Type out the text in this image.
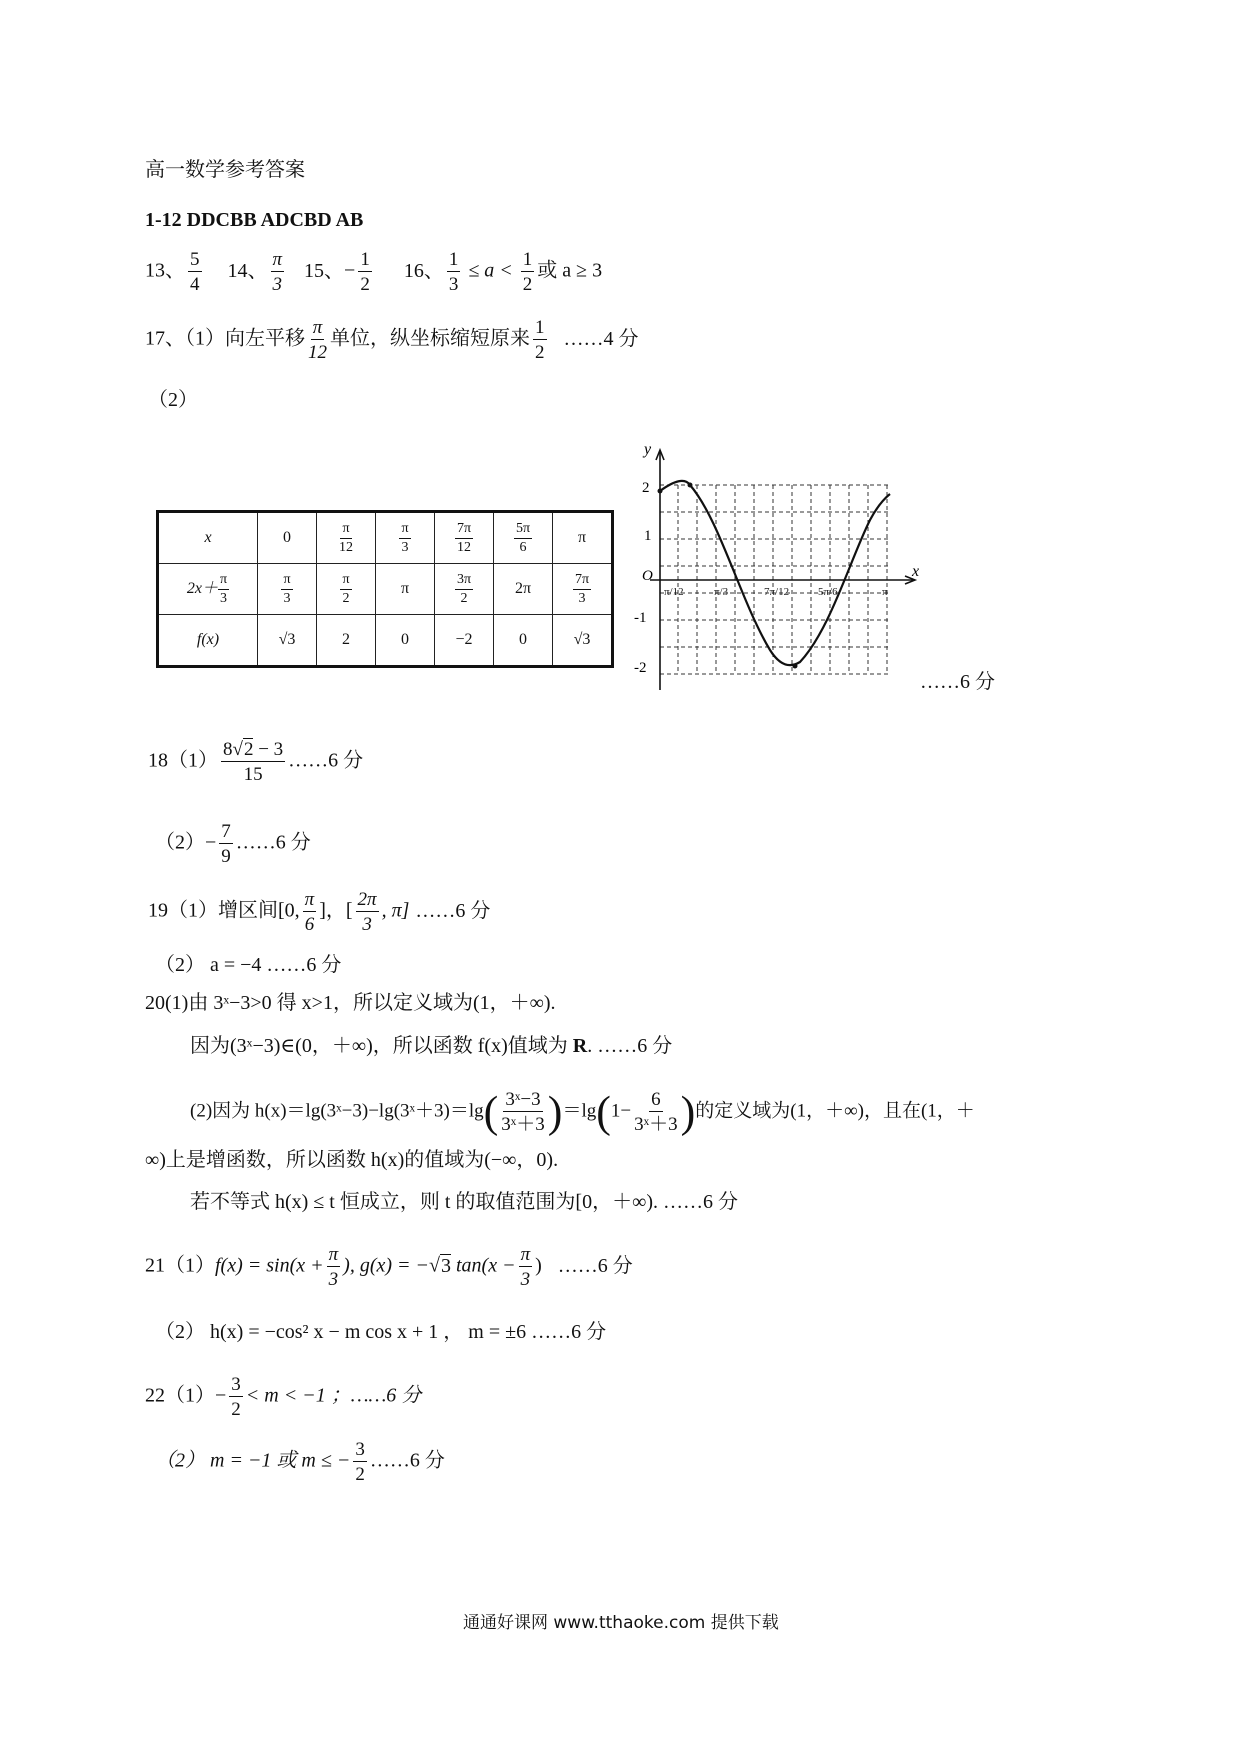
高一数学参考答案
1-12 DDCBB ADCBD AB
13、 $\frac{5}{4} 14$、 $\frac{\pi}{3} 15$、− $\frac{1}{2} 16$、 $\frac{1}{3} \le a < \frac{1}{2}$ 或 a ≥ 3
17、（1）向左平移 $\frac{\pi}{12}$ 单位，纵坐标缩短原来 $\frac{1}{2}$ ……4 分
（2）
x	0	$\frac{\pi}{12}$	$\frac{\pi}{3}$	$\frac{7\pi}{12}$	$\frac{5\pi}{6}$	π
$2x+ \frac{\pi}{3}$	$\frac{\pi}{3}$	$\frac{\pi}{2}$	π	$\frac{3\pi}{2}$	2π	$\frac{7\pi}{3}$

f(x)	√3	2	0	−2	0	√3
y
x
O
2
1
-1
-2
π/12	π/3	7π/12	5π/6	π
……6 分
$18(1) \frac{8√2 - 3}{15}$ ……6 分
$(2)- \frac{7}{9}$ ……6 分
19（1）增区间[0, $\frac{\pi}{6}$ ]，[ $\frac{2\pi}{3}$ , π] ……6 分
（2） a = −4 ……6 分
20(1)由 3ˣ−3>0 得 x>1，所以定义域为(1，＋∞).
因为(3ˣ−3)∈(0，＋∞)，所以函数 f(x)值域为 R. ……6 分
(2)因为 h(x)＝lg(3ˣ−3)−lg(3ˣ＋3)＝lg( $\frac{\text{3ˣ−3}}{\text{3ˣ＋3}} )=\lg(1- \frac{6}{\text{3ˣ＋3}}$ )的定义域为(1，＋∞)，且在(1，＋
∞)上是增函数，所以函数 h(x)的值域为(−∞，0).
若不等式 h(x) ≤ t 恒成立，则 t 的取值范围为[0，＋∞). ……6 分
$21(1)f(x) = \sin(x + \frac{\pi}{3}$ ), g(x) = −√3 $\tan(x - \frac{\pi}{3}$ ) ……6 分
（2） h(x) = −cos² x − m cos x + 1 ， m = ±6 ……6 分
$22(1)- \frac{3}{2} < m < -1$ ；……6 分
（2） m = −1 或 m ≤ − $\frac{3}{2}$ ……6 分
通通好课网 www.tthaoke.com 提供下载
